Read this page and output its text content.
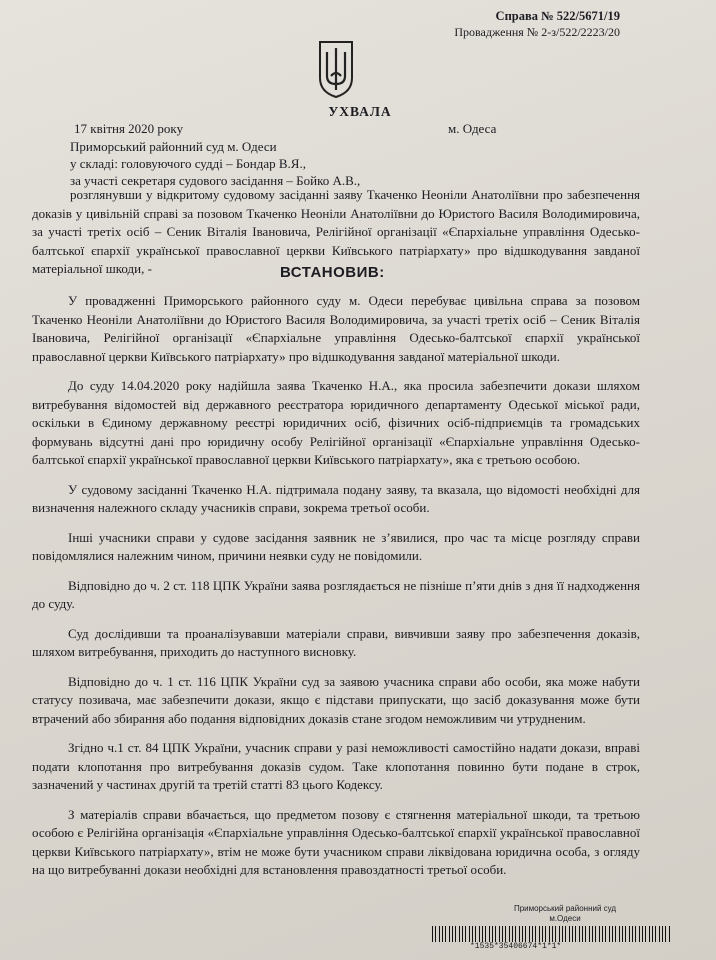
Справа № 522/5671/19
Провадження № 2-з/522/2223/20
УХВАЛА
17 квітня 2020 року	м. Одеса
Приморський районний суд м. Одеси
у складі: головуючого судді – Бондар В.Я.,
за участі секретаря судового засідання – Бойко А.В.,
розглянувши у відкритому судовому засіданні заяву Ткаченко Неоніли Анатоліївни про забезпечення доказів у цивільній справі за позовом Ткаченко Неоніли Анатоліївни до Юристого Василя Володимировича, за участі третіх осіб – Сеник Віталія Івановича, Релігійної організації «Єпархіальне управління Одесько-балтської єпархії української православної церкви Київського патріархату» про відшкодування завданої матеріальної шкоди, -	ВСТАНОВИВ:

У провадженні Приморського районного суду м. Одеси перебуває цивільна справа за позовом Ткаченко Неоніли Анатоліївни до Юристого Василя Володимировича, за участі третіх осіб – Сеник Віталія Івановича, Релігійної організації «Єпархіальне управління Одесько-балтської єпархії української православної церкви Київського патріархату» про відшкодування завданої матеріальної шкоди.

До суду 14.04.2020 року надійшла заява Ткаченко Н.А., яка просила забезпечити докази шляхом витребування відомостей від державного реєстратора юридичного департаменту Одеської міської ради, оскільки в Єдиному державному реєстрі юридичних осіб, фізичних осіб-підприємців та громадських формувань відсутні дані про юридичну особу Релігійної організації «Єпархіальне управління Одесько-балтської єпархії української православної церкви Київського патріархату», яка є третьою особою.

У судовому засіданні Ткаченко Н.А. підтримала подану заяву, та вказала, що відомості необхідні для визначення належного складу учасників справи, зокрема третьої особи.

Інші учасники справи у судове засідання заявник не з’явилися, про час та місце розгляду справи повідомлялися належним чином, причини неявки суду не повідомили.

Відповідно до ч. 2 ст. 118 ЦПК України заява розглядається не пізніше п’яти днів з дня її надходження до суду.

Суд дослідивши та проаналізувавши матеріали справи, вивчивши заяву про забезпечення доказів, шляхом витребування, приходить до наступного висновку.

Відповідно до ч. 1 ст. 116 ЦПК України суд за заявою учасника справи або особи, яка може набути статусу позивача, має забезпечити докази, якщо є підстави припускати, що засіб доказування може бути втрачений або збирання або подання відповідних доказів стане згодом неможливим чи утрудненим.

Згідно ч.1 ст. 84 ЦПК України, учасник справи у разі неможливості самостійно надати докази, вправі подати клопотання про витребування доказів судом. Таке клопотання повинно бути подане в строк, зазначений у частинах другій та третій статті 83 цього Кодексу.

З матеріалів справи вбачається, що предметом позову є стягнення матеріальної шкоди, та третьою особою є Релігійна організація «Єпархіальне управління Одесько-балтської єпархії української православної церкви Київського патріархату», втім не може бути учасником справи ліквідована юридична особа, з огляду на що витребуванні докази необхідні для встановлення правоздатності третьої особи.

Приморський районний суд
м.Одеси
*1535*35406674*1*1*
